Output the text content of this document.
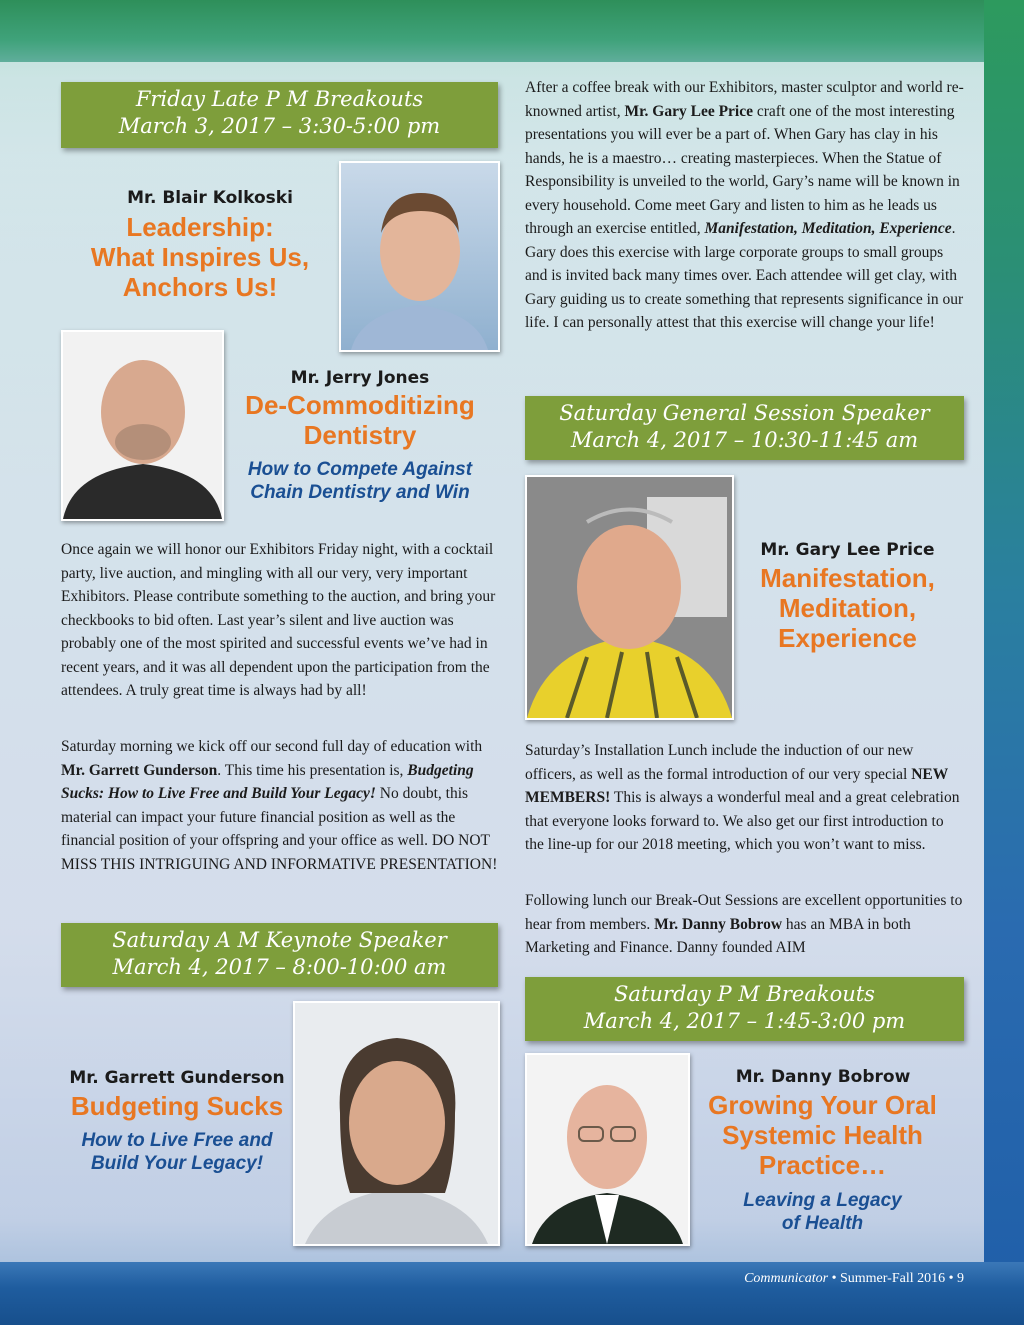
Friday Late P M Breakouts
March 3, 2017 – 3:30-5:00 pm
Mr. Blair Kolkoski
Leadership:
What Inspires Us,
Anchors Us!
Mr. Jerry Jones
De-Commoditizing
Dentistry
How to Compete Against
Chain Dentistry and Win

Once again we will honor our Exhibitors Friday night, with a cocktail party, live auction, and mingling with all our very, very important Exhibitors. Please contribute something to the auction, and bring your checkbooks to bid often. Last year’s silent and live auction was probably one of the most spirited and successful events we’ve had in recent years, and it was all dependent upon the participation from the attendees. A truly great time is always had by all!

Saturday morning we kick off our second full day of education with Mr. Garrett Gunderson. This time his presentation is, Budgeting Sucks: How to Live Free and Build Your Legacy! No doubt, this material can impact your future financial position as well as the financial position of your offspring and your office as well. DO NOT MISS THIS INTRIGUING AND INFORMATIVE PRESENTATION!

Saturday A M Keynote Speaker
March 4, 2017 – 8:00-10:00 am
Mr. Garrett Gunderson
Budgeting Sucks
How to Live Free and
Build Your Legacy!

After a coffee break with our Exhibitors, master sculptor and world re-knowned artist, Mr. Gary Lee Price craft one of the most interesting presentations you will ever be a part of. When Gary has clay in his hands, he is a maestro… creating masterpieces. When the Statue of Responsibility is unveiled to the world, Gary’s name will be known in every household. Come meet Gary and listen to him as he leads us through an exercise entitled, Manifestation, Meditation, Experience. Gary does this exercise with large corporate groups to small groups and is invited back many times over. Each attendee will get clay, with Gary guiding us to create something that represents significance in our life. I can personally attest that this exercise will change your life!

Saturday General Session Speaker
March 4, 2017 – 10:30-11:45 am
Mr. Gary Lee Price
Manifestation,
Meditation,
Experience

Saturday’s Installation Lunch include the induction of our new officers, as well as the formal introduction of our very special NEW MEMBERS! This is always a wonderful meal and a great celebration that everyone looks forward to. We also get our first introduction to the line-up for our 2018 meeting, which you won’t want to miss.

Following lunch our Break-Out Sessions are excellent opportunities to hear from members. Mr. Danny Bobrow has an MBA in both Marketing and Finance. Danny founded AIM

Saturday P M Breakouts
March 4, 2017 – 1:45-3:00 pm
Mr. Danny Bobrow
Growing Your Oral
Systemic Health
Practice…
Leaving a Legacy
of Health
Communicator • Summer-Fall 2016 • 9
